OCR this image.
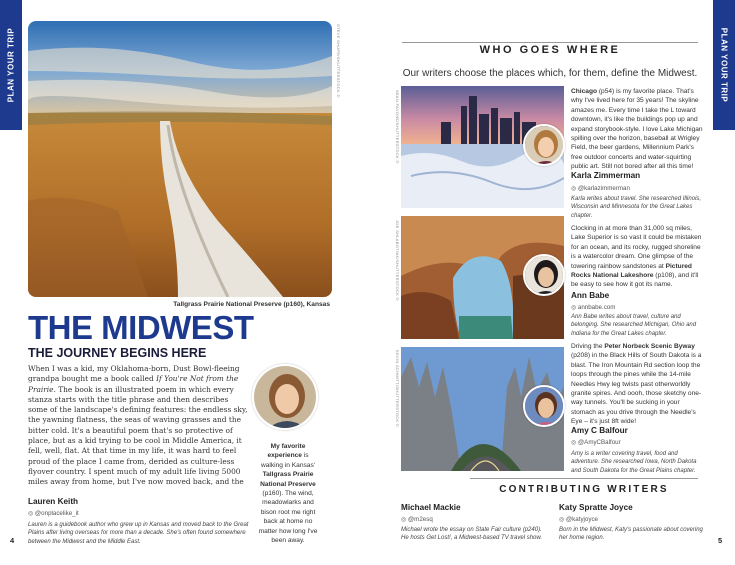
PLAN YOUR TRIP	STEVE SHUPE/SHUTTERSTOCK ©
Tallgrass Prairie National Preserve (p160), Kansas
THE MIDWEST
THE JOURNEY BEGINS HERE
When I was a kid, my Oklahoma-born, Dust Bowl-fleeing grandpa bought me a book called If You're Not from the Prairie. The book is an illustrated poem in which every stanza starts with the title phrase and then describes some of the landscape's defining features: the endless sky, the yawning flatness, the seas of waving grasses and the bitter cold. It's a beautiful poem that's so protective of place, but as a kid trying to be cool in Middle America, it fell, well, flat. At that time in my life, it was hard to feel proud of the place I came from, derided as culture-less flyover country. I spent much of my adult life living 5000 miles away from home, but I've now moved back, and the
Lauren Keith
◎ @onplacelike_it
Lauren is a guidebook author who grew up in Kansas and moved back to the Great Plains after living overseas for more than a decade. She's often found somewhere between the Midwest and the Middle East.
My favorite experience is walking in Kansas' Tallgrass Prairie National Preserve (p160). The wind, meadowlarks and bison root me right back at home no matter how long I've been away.
4
PLAN YOUR TRIP
WHO GOES WHERE
Our writers choose the places which, for them, define the Midwest.
SEAN PAVONE/SHUTTERSTOCK ©	Chicago (p54) is my favorite place. That's why I've lived here for 35 years! The skyline amazes me. Every time I take the L toward downtown, it's like the buildings pop up and expand storybook-style. I love Lake Michigan spilling over the horizon, baseball at Wrigley Field, the beer gardens, Millennium Park's free outdoor concerts and water-squirting public art. Still not bored after all this time!
Karla Zimmerman
◎ @karlazimmerman
Karla writes about travel. She researched Illinois, Wisconsin and Minnesota for the Great Lakes chapter.
JOE SHLABOTNIK/SHUTTERSTOCK ©	Clocking in at more than 31,000 sq miles, Lake Superior is so vast it could be mistaken for an ocean, and its rocky, rugged shoreline is a watercolor dream. One glimpse of the towering rainbow sandstones at Pictured Rocks National Lakeshore (p108), and it'll be easy to see how it got its name.
Ann Babe
◎ annbabe.com
Ann Babe writes about travel, culture and belonging. She researched Michigan, Ohio and Indiana for the Great Lakes chapter.
KEVIN SCHMITT/SHUTTERSTOCK ©
Driving the Peter Norbeck Scenic Byway (p208) in the Black Hills of South Dakota is a blast. The Iron Mountain Rd section loop the loops through the pines while the 14-mile Needles Hwy leg twists past otherworldly granite spires. And oooh, those sketchy one-way tunnels. You'll be sucking in your stomach as you drive through the Needle's Eye – it's just 8ft wide!
Amy C Balfour
◎ @AmyCBalfour
Amy is a writer covering travel, food and adventure. She researched Iowa, North Dakota and South Dakota for the Great Plains chapter.
CONTRIBUTING WRITERS
Michael Mackie
◎ @m2esq
Michael wrote the essay on State Fair culture (p240). He hosts Get Lost!, a Midwest-based TV travel show.
Katy Spratte Joyce
◎ @katyjoyce
Born in the Midwest, Katy's passionate about covering her home region.	5
